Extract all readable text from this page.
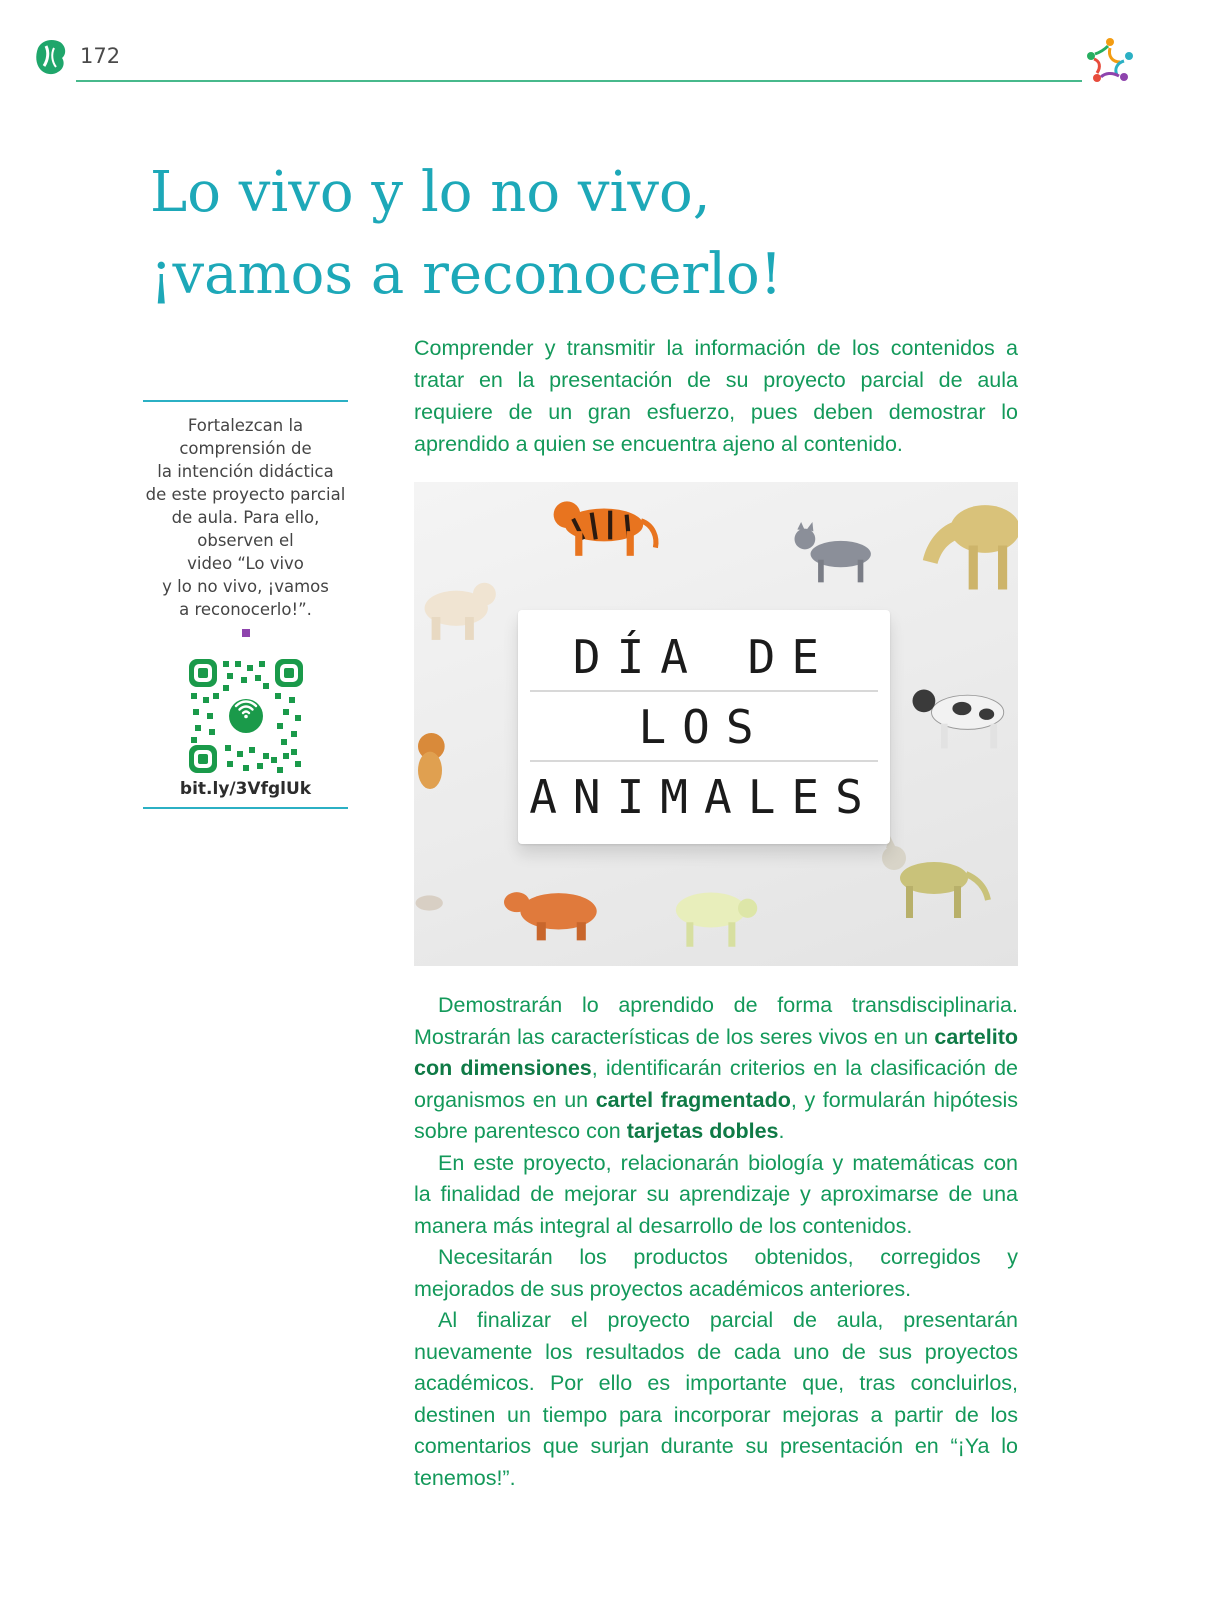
172
Lo vivo y lo no vivo,
¡vamos a reconocerlo!

Comprender y transmitir la información de los contenidos a tratar en la presentación de su proyecto parcial de aula requiere de un gran esfuerzo, pues deben demostrar lo aprendido a quien se encuentra ajeno al contenido.

Fortalezcan la
comprensión de
la intención didáctica
de este proyecto parcial
de aula. Para ello,
observen el
video “Lo vivo
y lo no vivo, ¡vamos
a reconocerlo!”.

bit.ly/3VfglUk
DÍA DE
LOS
ANIMALES

Demostrarán lo aprendido de forma transdisciplinaria. Mostrarán las características de los seres vivos en un cartelito con dimensiones, identificarán criterios en la clasificación de organismos en un cartel fragmentado, y formularán hipótesis sobre parentesco con tarjetas dobles.

En este proyecto, relacionarán biología y matemáticas con la finalidad de mejorar su aprendizaje y aproximarse de una manera más integral al desarrollo de los contenidos.

Necesitarán los productos obtenidos, corregidos y mejorados de sus proyectos académicos anteriores.

Al finalizar el proyecto parcial de aula, presentarán nuevamente los resultados de cada uno de sus proyectos académicos. Por ello es importante que, tras concluirlos, destinen un tiempo para incorporar mejoras a partir de los comentarios que surjan durante su presentación en “¡Ya lo tenemos!”.
